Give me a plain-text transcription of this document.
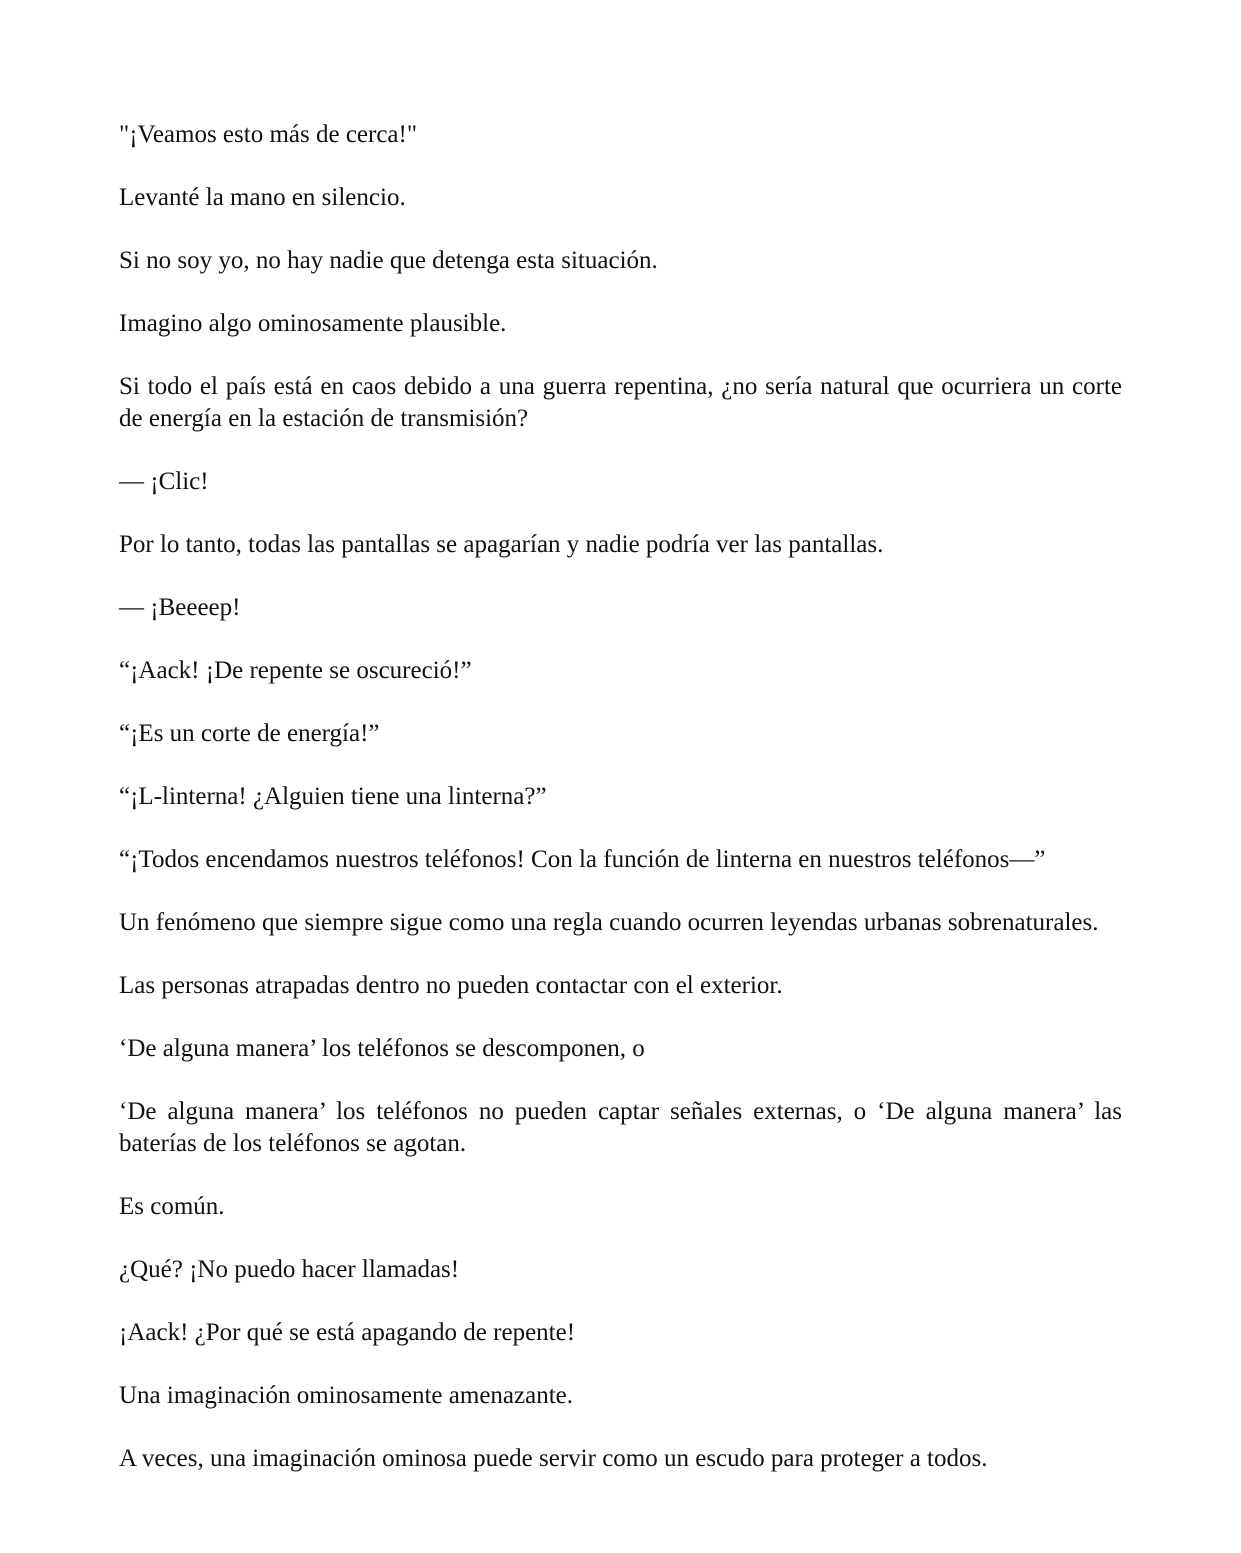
"¡Veamos esto más de cerca!"

Levanté la mano en silencio.

Si no soy yo, no hay nadie que detenga esta situación.

Imagino algo ominosamente plausible.

Si todo el país está en caos debido a una guerra repentina, ¿no sería natural que ocurriera un corte de energía en la estación de transmisión?

— ¡Clic!

Por lo tanto, todas las pantallas se apagarían y nadie podría ver las pantallas.

— ¡Beeeep!

“¡Aack! ¡De repente se oscureció!”

“¡Es un corte de energía!”

“¡L-linterna! ¿Alguien tiene una linterna?”

“¡Todos encendamos nuestros teléfonos! Con la función de linterna en nuestros teléfonos—”

Un fenómeno que siempre sigue como una regla cuando ocurren leyendas urbanas sobrenaturales.

Las personas atrapadas dentro no pueden contactar con el exterior.

‘De alguna manera’ los teléfonos se descomponen, o

‘De alguna manera’ los teléfonos no pueden captar señales externas, o ‘De alguna manera’ las baterías de los teléfonos se agotan.

Es común.

¿Qué? ¡No puedo hacer llamadas!

¡Aack! ¿Por qué se está apagando de repente!

Una imaginación ominosamente amenazante.

A veces, una imaginación ominosa puede servir como un escudo para proteger a todos.
